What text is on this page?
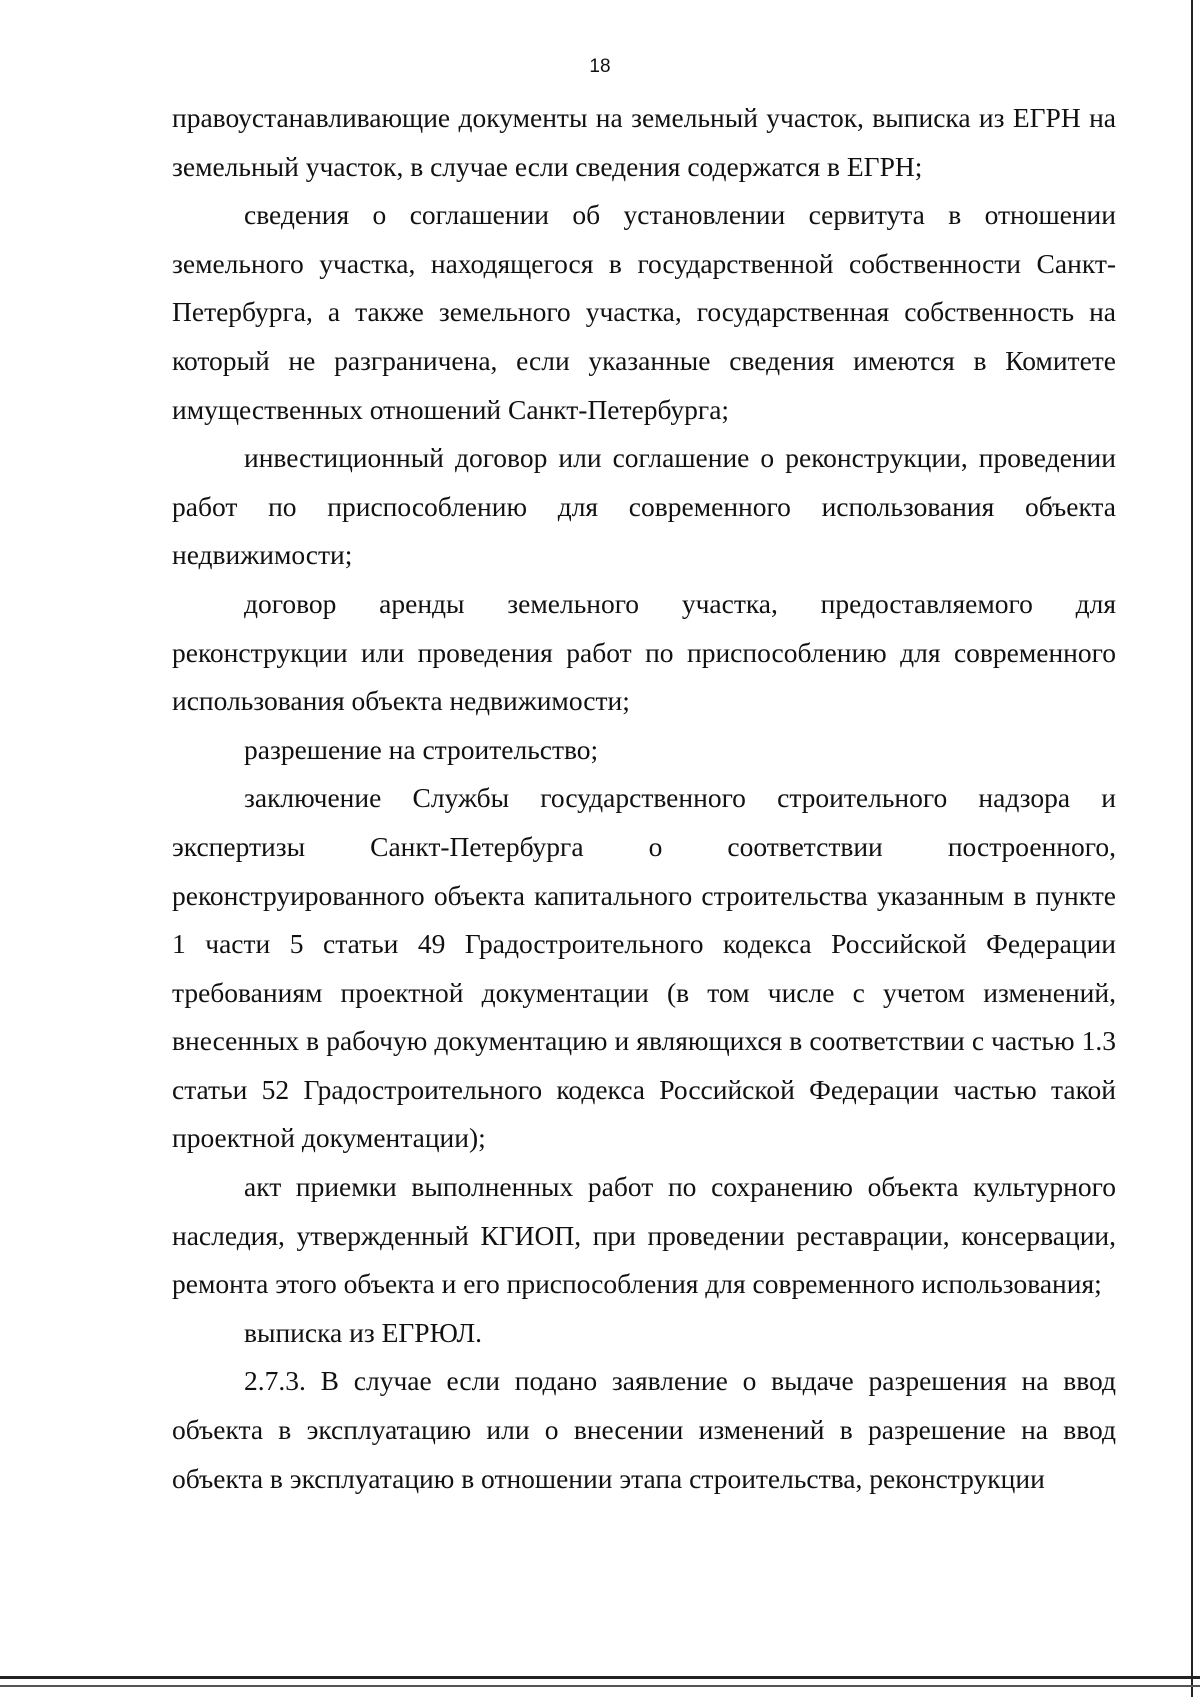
18

правоустанавливающие документы на земельный участок, выписка из ЕГРН на земельный участок, в случае если сведения содержатся в ЕГРН;

сведения о соглашении об установлении сервитута в отношении земельного участка, находящегося в государственной собственности Санкт-Петербурга, а также земельного участка, государственная собственность на который не разграничена, если указанные сведения имеются в Комитете имущественных отношений Санкт-Петербурга;

инвестиционный договор или соглашение о реконструкции, проведении работ по приспособлению для современного использования объекта недвижимости;

договор аренды земельного участка, предоставляемого для реконструкции или проведения работ по приспособлению для современного использования объекта недвижимости;

разрешение на строительство;

заключение Службы государственного строительного надзора и экспертизы Санкт-Петербурга о соответствии построенного, реконструированного объекта капитального строительства указанным в пункте 1 части 5 статьи 49 Градостроительного кодекса Российской Федерации требованиям проектной документации (в том числе с учетом изменений, внесенных в рабочую документацию и являющихся в соответствии с частью 1.3 статьи 52 Градостроительного кодекса Российской Федерации частью такой проектной документации);

акт приемки выполненных работ по сохранению объекта культурного наследия, утвержденный КГИОП, при проведении реставрации, консервации, ремонта этого объекта и его приспособления для современного использования;

выписка из ЕГРЮЛ.

2.7.3. В случае если подано заявление о выдаче разрешения на ввод объекта в эксплуатацию или о внесении изменений в разрешение на ввод объекта в эксплуатацию в отношении этапа строительства, реконструкции
